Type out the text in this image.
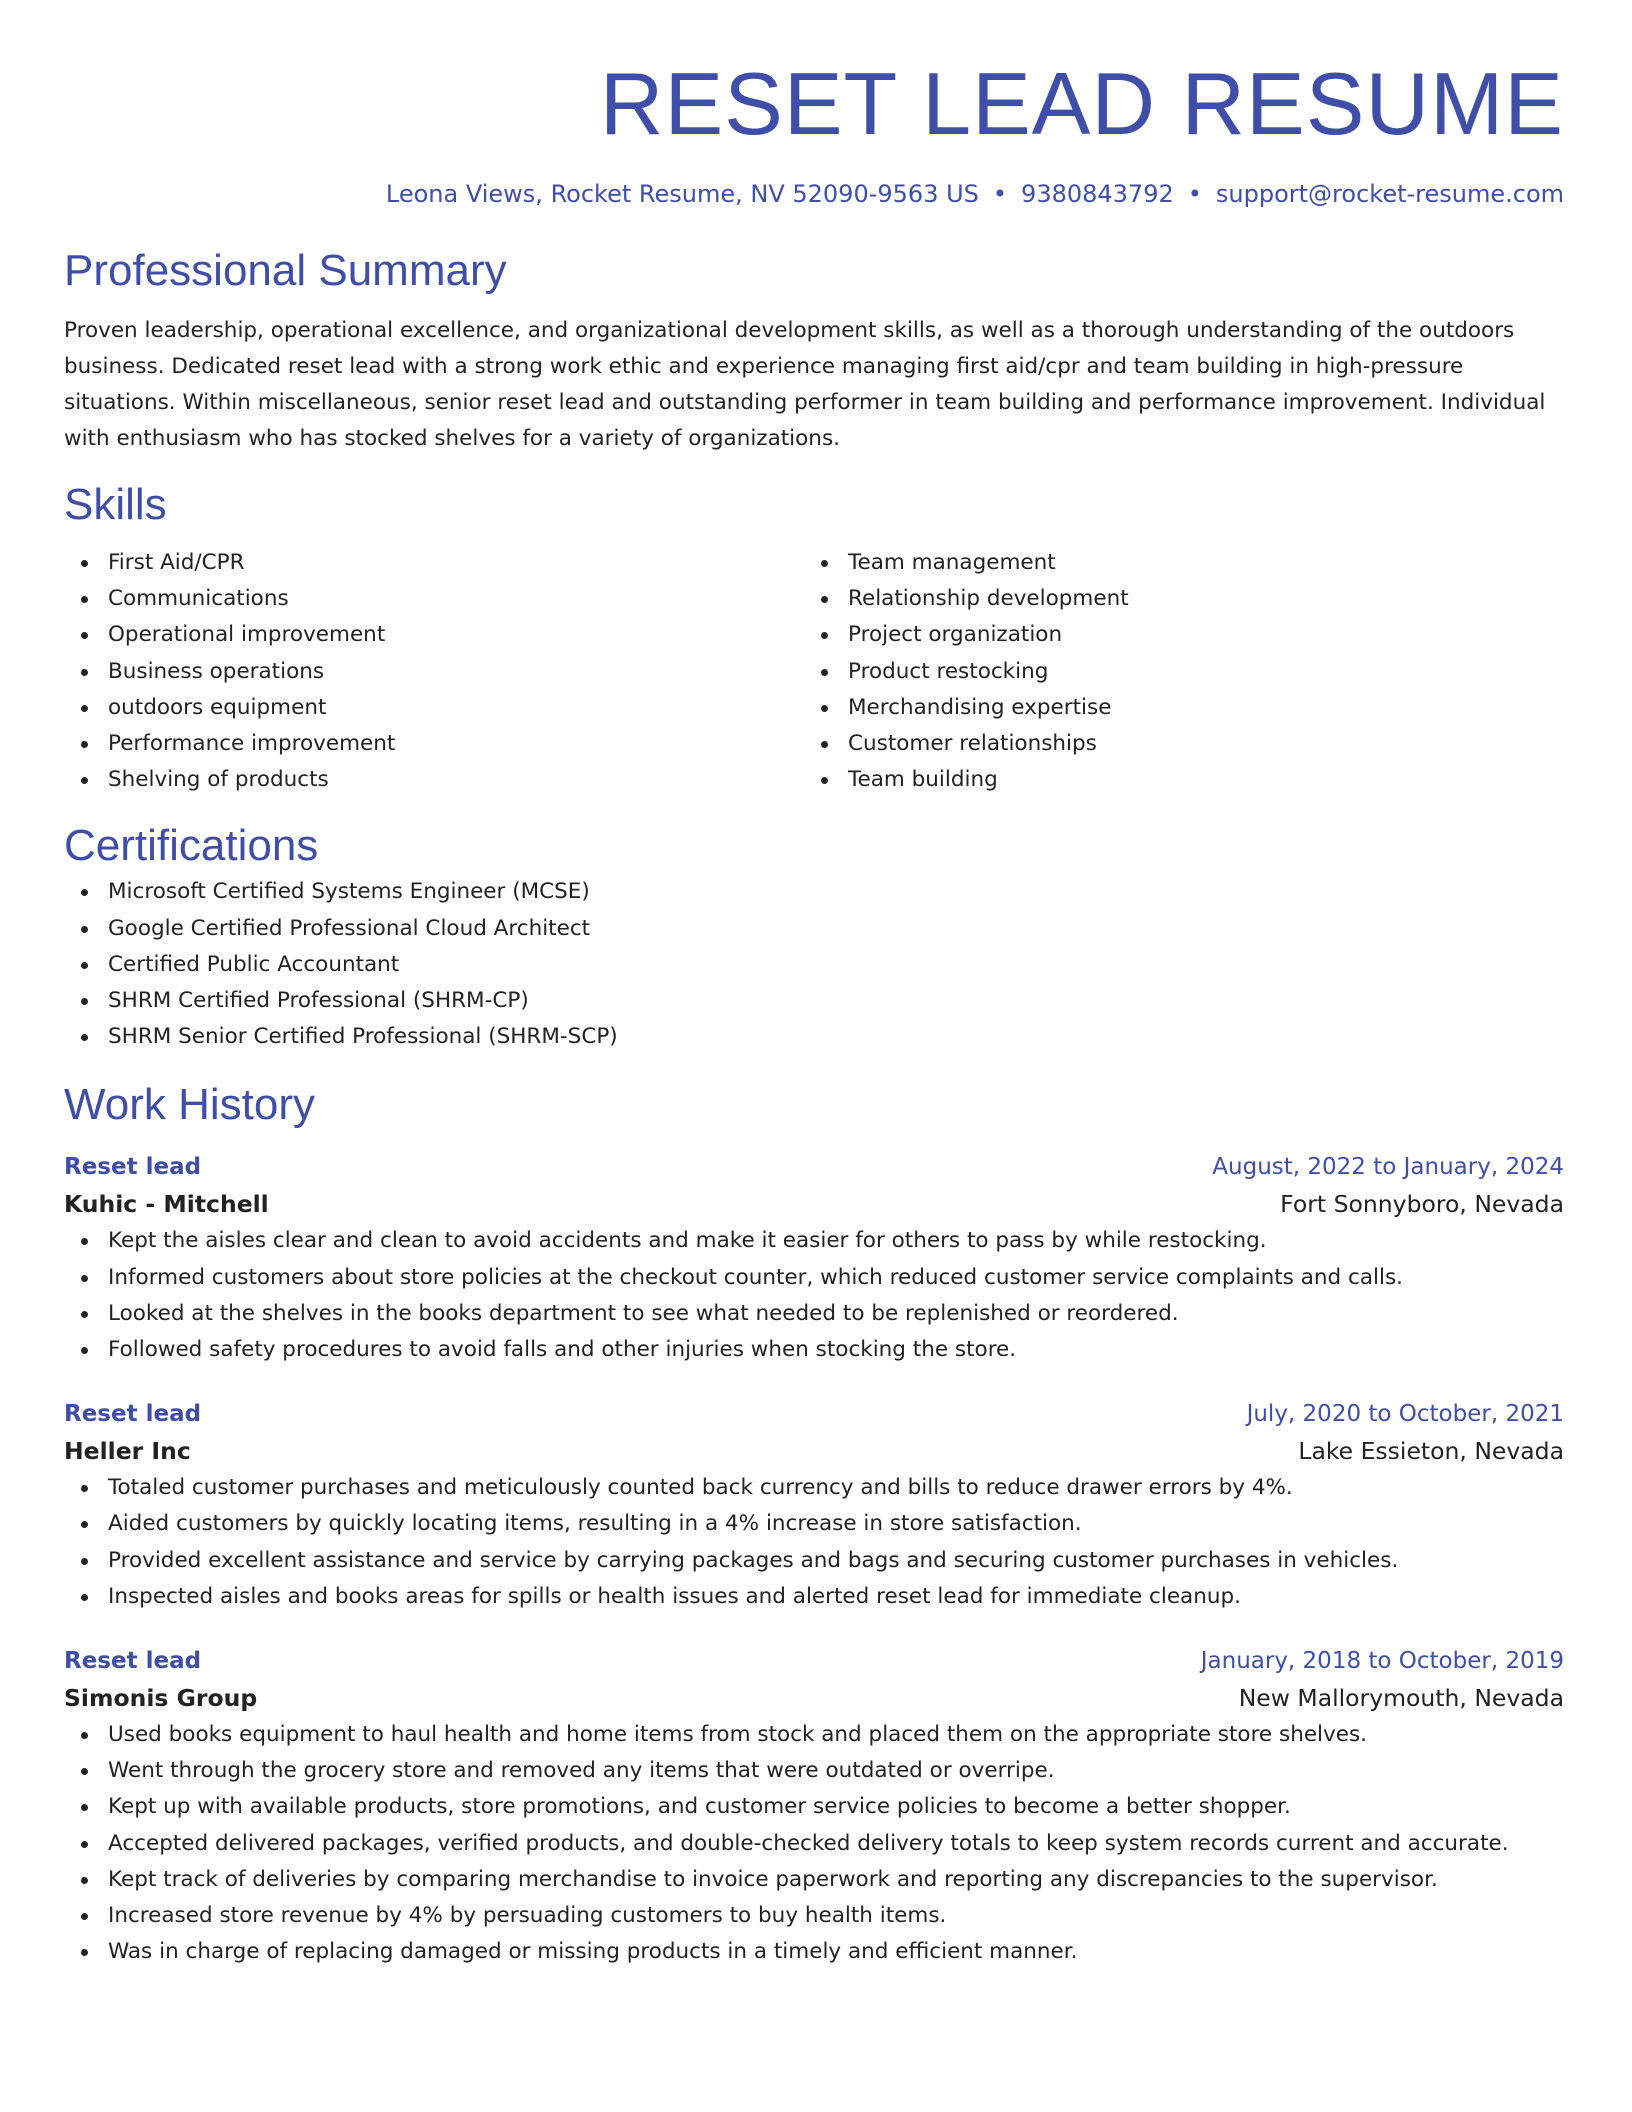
RESET LEAD RESUME
Leona Views, Rocket Resume, NV 52090-9563 US • 9380843792 • support@rocket-resume.com
Professional Summary

Proven leadership, operational excellence, and organizational development skills, as well as a thorough understanding of the outdoors business. Dedicated reset lead with a strong work ethic and experience managing first aid/cpr and team building in high-pressure situations. Within miscellaneous, senior reset lead and outstanding performer in team building and performance improvement. Individual with enthusiasm who has stocked shelves for a variety of organizations.

Skills
First Aid/CPR
Communications
Operational improvement
Business operations
outdoors equipment
Performance improvement
Shelving of products
Team management
Relationship development
Project organization
Product restocking
Merchandising expertise
Customer relationships
Team building
Certifications
Microsoft Certified Systems Engineer (MCSE)
Google Certified Professional Cloud Architect
Certified Public Accountant
SHRM Certified Professional (SHRM-CP)
SHRM Senior Certified Professional (SHRM-SCP)
Work History
Reset lead	August, 2022 to January, 2024
Kuhic - Mitchell	Fort Sonnyboro, Nevada
Kept the aisles clear and clean to avoid accidents and make it easier for others to pass by while restocking.
Informed customers about store policies at the checkout counter, which reduced customer service complaints and calls.
Looked at the shelves in the books department to see what needed to be replenished or reordered.
Followed safety procedures to avoid falls and other injuries when stocking the store.
Reset lead	July, 2020 to October, 2021
Heller Inc	Lake Essieton, Nevada
Totaled customer purchases and meticulously counted back currency and bills to reduce drawer errors by 4%.
Aided customers by quickly locating items, resulting in a 4% increase in store satisfaction.
Provided excellent assistance and service by carrying packages and bags and securing customer purchases in vehicles.
Inspected aisles and books areas for spills or health issues and alerted reset lead for immediate cleanup.
Reset lead	January, 2018 to October, 2019
Simonis Group	New Mallorymouth, Nevada
Used books equipment to haul health and home items from stock and placed them on the appropriate store shelves.
Went through the grocery store and removed any items that were outdated or overripe.
Kept up with available products, store promotions, and customer service policies to become a better shopper.
Accepted delivered packages, verified products, and double-checked delivery totals to keep system records current and accurate.
Kept track of deliveries by comparing merchandise to invoice paperwork and reporting any discrepancies to the supervisor.
Increased store revenue by 4% by persuading customers to buy health items.
Was in charge of replacing damaged or missing products in a timely and efficient manner.
